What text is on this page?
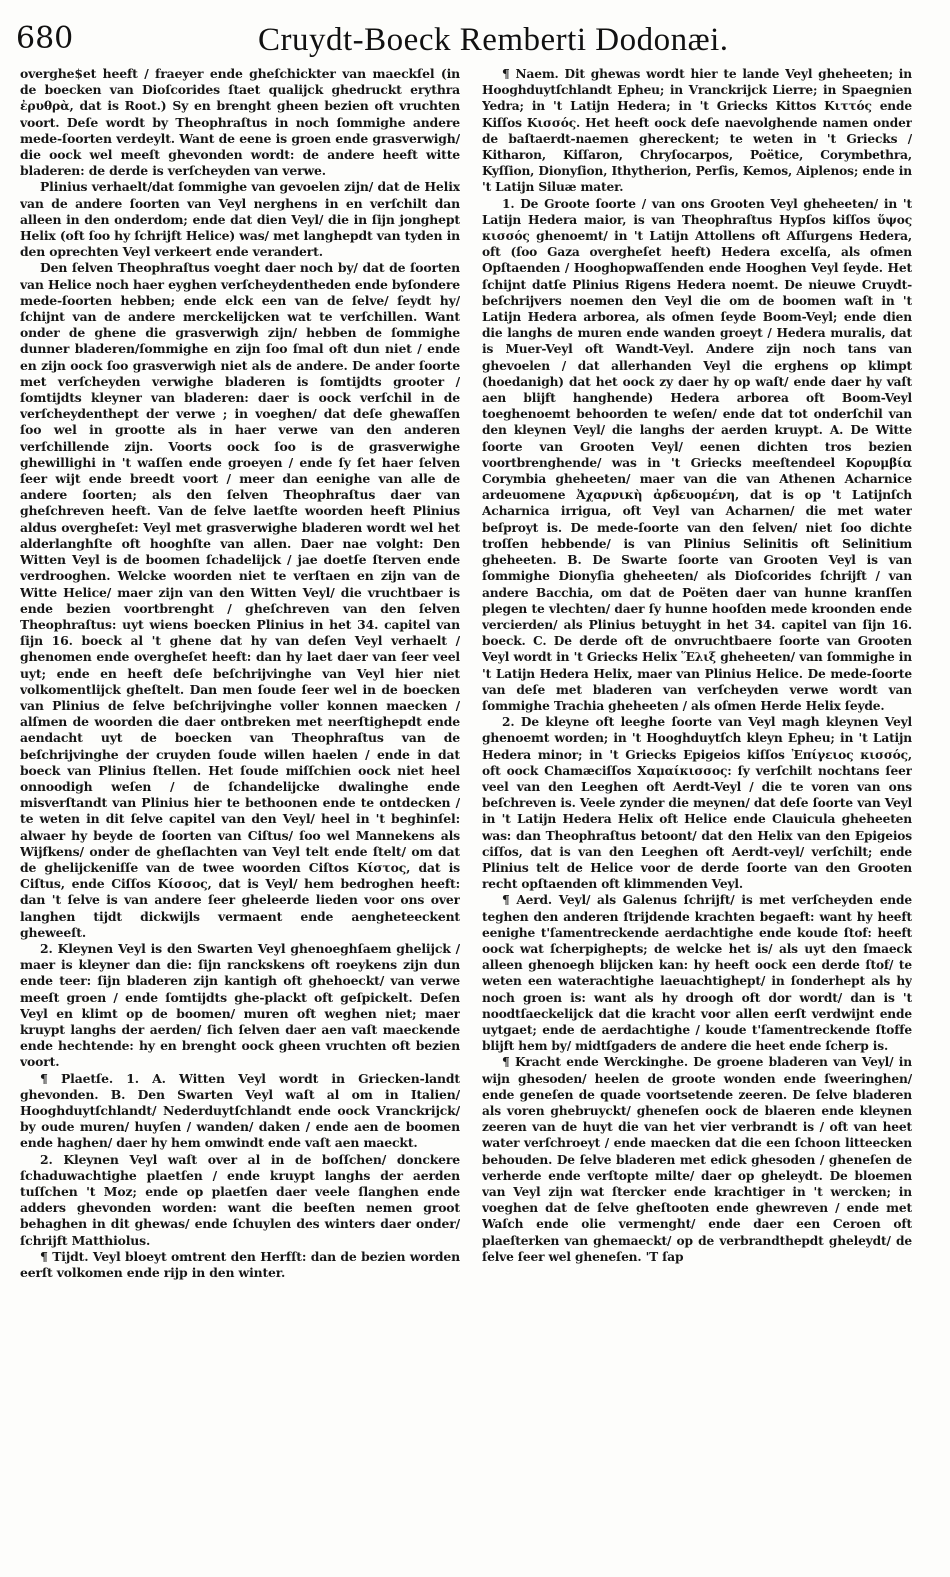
680	Cruydt-Boeck Remberti Dodonæi.

overghe$et heeft / fraeyer ende gheſchickter van maeckſel (in de boecken van Dioſcorides ſtaet qualijck ghedruckt erythra ἐρυθρὰ, dat is Root.) Sy en brenght gheen bezien oft vruchten voort. Deſe wordt by Theophraſtus in noch ſommighe andere mede-ſoorten verdeylt. Want de eene is groen ende grasverwigh/ die oock wel meeſt ghevonden wordt: de andere heeft witte bladeren: de derde is verſcheyden van verwe.

Plinius verhaelt/dat ſommighe van gevoelen zijn/ dat de Helix van de andere ſoorten van Veyl nerghens in en verſchilt dan alleen in den onderdom; ende dat dien Veyl/ die in ſijn jonghept Helix (oft ſoo hy ſchrijft Helice) was/ met langhepdt van tyden in den oprechten Veyl verkeert ende verandert.

Den ſelven Theophraſtus voeght daer noch by/ dat de ſoorten van Helice noch haer eyghen verſcheydentheden ende byſondere mede-ſoorten hebben; ende elck een van de ſelve/ ſeydt hy/ ſchijnt van de andere merckelijcken wat te verſchillen. Want onder de ghene die grasverwigh zijn/ hebben de ſommighe dunner bladeren/ſommighe en zijn ſoo ſmal oft dun niet / ende en zijn oock ſoo grasverwigh niet als de andere. De ander ſoorte met verſcheyden verwighe bladeren is ſomtijdts grooter / ſomtijdts kleyner van bladeren: daer is oock verſchil in de verſcheydenthept der verwe ; in voeghen/ dat deſe ghewaſſen ſoo wel in grootte als in haer verwe van den anderen verſchillende zijn. Voorts oock ſoo is de grasverwighe ghewillighi in 't waſſen ende groeyen / ende ſy ſet haer ſelven ſeer wijt ende breedt voort / meer dan eenighe van alle de andere ſoorten; als den ſelven Theophraſtus daer van gheſchreven heeft. Van de ſelve laetſte woorden heeft Plinius aldus overgheſet: Veyl met grasverwighe bladeren wordt wel het alderlanghſte oft hooghſte van allen. Daer nae volght: Den Witten Veyl is de boomen ſchadelijck / jae doetſe ſterven ende verdrooghen. Welcke woorden niet te verſtaen en zijn van de Witte Helice/ maer zijn van den Witten Veyl/ die vruchtbaer is ende bezien voortbrenght / gheſchreven van den ſelven Theophraſtus: uyt wiens boecken Plinius in het 34. capitel van ſijn 16. boeck al 't ghene dat hy van deſen Veyl verhaelt / ghenomen ende overgheſet heeft: dan hy laet daer van ſeer veel uyt; ende en heeft deſe beſchrijvinghe van Veyl hier niet volkomentlijck gheſtelt. Dan men ſoude ſeer wel in de boecken van Plinius de ſelve beſchrijvinghe voller konnen maecken / alſmen de woorden die daer ontbreken met neerſtighepdt ende aendacht uyt de boecken van Theophraſtus van de beſchrijvinghe der cruyden ſoude willen haelen / ende in dat boeck van Plinius ſtellen. Het ſoude miſſchien oock niet heel onnoodigh weſen / de ſchandelijcke dwalinghe ende misverſtandt van Plinius hier te bethoonen ende te ontdecken / te weten in dit ſelve capitel van den Veyl/ heel in 't beghinſel: alwaer hy beyde de ſoorten van Ciſtus/ ſoo wel Mannekens als Wijfkens/ onder de gheſlachten van Veyl telt ende ſtelt/ om dat de ghelijckeniſſe van de twee woorden Ciſtos Κίστος, dat is Ciſtus, ende Ciſſos Κίσσος, dat is Veyl/ hem bedroghen heeft: dan 't ſelve is van andere ſeer gheleerde lieden voor ons over langhen tijdt dickwijls vermaent ende aengheteeckent gheweeſt.

2. Kleynen Veyl is den Swarten Veyl ghenoeghſaem ghelijck / maer is kleyner dan die: ſijn ranckskens oft roeykens zijn dun ende teer: ſijn bladeren zijn kantigh oft ghehoeckt/ van verwe meeſt groen / ende ſomtijdts ghe-plackt oft geſpickelt. Deſen Veyl en klimt op de boomen/ muren oft weghen niet; maer kruypt langhs der aerden/ ſich ſelven daer aen vaſt maeckende ende hechtende: hy en brenght oock gheen vruchten oft bezien voort.

¶ Plaetſe. 1. A. Witten Veyl wordt in Griecken-landt ghevonden. B. Den Swarten Veyl waſt al om in Italien/ Hooghduytſchlandt/ Nederduytſchlandt ende oock Vranckrijck/ by oude muren/ huyſen / wanden/ daken / ende aen de boomen ende haghen/ daer hy hem omwindt ende vaſt aen maeckt.

2. Kleynen Veyl waſt over al in de boſſchen/ donckere ſchaduwachtighe plaetſen / ende kruypt langhs der aerden tuſſchen 't Moz; ende op plaetſen daer veele ſlanghen ende adders ghevonden worden: want die beeſten nemen groot behaghen in dit ghewas/ ende ſchuylen des winters daer onder/ ſchrijft Matthiolus.

¶ Tijdt. Veyl bloeyt omtrent den Herfſt: dan de bezien worden eerſt volkomen ende rijp in den winter.

¶ Naem. Dit ghewas wordt hier te lande Veyl gheheeten; in Hooghduytſchlandt Epheu; in Vranckrijck Lierre; in Spaegnien Yedra; in 't Latijn Hedera; in 't Griecks Kittos Κιττός ende Kiſſos Κισσός. Het heeft oock deſe naevolghende namen onder de baſtaerdt-naemen ghereckent; te weten in 't Griecks / Kitharon, Kiſſaron, Chryſocarpos, Poëtice, Corymbethra, Kyſſion, Dionyſion, Ithytherion, Perſis, Kemos, Aiplenos; ende in 't Latijn Siluæ mater.

1. De Groote ſoorte / van ons Grooten Veyl gheheeten/ in 't Latijn Hedera maior, is van Theophraſtus Hypſos kiſſos ὕψος κισσός ghenoemt/ in 't Latijn Attollens oft Aſſurgens Hedera, oft (ſoo Gaza overgheſet heeft) Hedera excelſa, als oſmen Opſtaenden / Hooghopwaſſenden ende Hooghen Veyl ſeyde. Het ſchijnt datſe Plinius Rigens Hedera noemt. De nieuwe Cruydt-beſchrijvers noemen den Veyl die om de boomen waſt in 't Latijn Hedera arborea, als oſmen ſeyde Boom-Veyl; ende dien die langhs de muren ende wanden groeyt / Hedera muralis, dat is Muer-Veyl oft Wandt-Veyl. Andere zijn noch tans van ghevoelen / dat allerhanden Veyl die erghens op klimpt (hoedanigh) dat het oock zy daer hy op waſt/ ende daer hy vaſt aen blijft hanghende) Hedera arborea oft Boom-Veyl toeghenoemt behoorden te weſen/ ende dat tot onderſchil van den kleynen Veyl/ die langhs der aerden kruypt. A. De Witte ſoorte van Grooten Veyl/ eenen dichten tros bezien voortbrenghende/ was in 't Griecks meeſtendeel Κορυμβία Corymbia gheheeten/ maer van die van Athenen Acharnice ardeuomene Ἀχαρνικὴ ἀρδευομένη, dat is op 't Latijnſch Acharnica irrigua, oft Veyl van Acharnen/ die met water beſproyt is. De mede-ſoorte van den ſelven/ niet ſoo dichte troſſen hebbende/ is van Plinius Selinitis oft Selinitium gheheeten. B. De Swarte ſoorte van Grooten Veyl is van ſommighe Dionyſia gheheeten/ als Dioſcorides ſchrijft / van andere Bacchia, om dat de Poëten daer van hunne kranſſen plegen te vlechten/ daer ſy hunne hooſden mede kroonden ende vercierden/ als Plinius betuyght in het 34. capitel van ſijn 16. boeck. C. De derde oft de onvruchtbaere ſoorte van Grooten Veyl wordt in 't Griecks Helix Ἕλιξ gheheeten/ van ſommighe in 't Latijn Hedera Helix, maer van Plinius Helice. De mede-ſoorte van deſe met bladeren van verſcheyden verwe wordt van ſommighe Trachia gheheeten / als oſmen Herde Helix ſeyde.

2. De kleyne oft leeghe ſoorte van Veyl magh kleynen Veyl ghenoemt worden; in 't Hooghduytſch kleyn Epheu; in 't Latijn Hedera minor; in 't Griecks Epigeios kiſſos Ἐπίγειος κισσός, oft oock Chamæciſſos Χαμαίκισσος: ſy verſchilt nochtans ſeer veel van den Leeghen oft Aerdt-Veyl / die te voren van ons beſchreven is. Veele zynder die meynen/ dat deſe ſoorte van Veyl in 't Latijn Hedera Helix oft Helice ende Clauicula gheheeten was: dan Theophraſtus betoont/ dat den Helix van den Epigeios ciſſos, dat is van den Leeghen oft Aerdt-veyl/ verſchilt; ende Plinius telt de Helice voor de derde ſoorte van den Grooten recht opſtaenden oft klimmenden Veyl.

¶ Aerd. Veyl/ als Galenus ſchrijft/ is met verſcheyden ende teghen den anderen ſtrijdende krachten begaeft: want hy heeft eenighe t'ſamentreckende aerdachtighe ende koude ſtof: heeft oock wat ſcherpighepts; de welcke het is/ als uyt den ſmaeck alleen ghenoegh blijcken kan: hy heeft oock een derde ſtof/ te weten een waterachtighe laeuachtighept/ in ſonderhept als hy noch groen is: want als hy droogh oft dor wordt/ dan is 't noodtſaeckelijck dat die kracht voor allen eerſt verdwijnt ende uytgaet; ende de aerdachtighe / koude t'ſamentreckende ſtoffe blijft hem by/ midtſgaders de andere die heet ende ſcherp is.

¶ Kracht ende Werckinghe. De groene bladeren van Veyl/ in wijn ghesoden/ heelen de groote wonden ende ſweeringhen/ ende geneſen de quade voortsetende zeeren. De ſelve bladeren als voren ghebruyckt/ gheneſen oock de blaeren ende kleynen zeeren van de huyt die van het vier verbrandt is / oft van heet water verſchroeyt / ende maecken dat die een ſchoon litteecken behouden. De ſelve bladeren met edick ghesoden / gheneſen de verherde ende verſtopte milte/ daer op gheleydt. De bloemen van Veyl zijn wat ſtercker ende krachtiger in 't wercken; in voeghen dat de ſelve gheſtooten ende ghewreven / ende met Waſch ende olie vermenght/ ende daer een Ceroen oft plaeſterken van ghemaeckt/ op de verbrandthepdt gheleydt/ de ſelve ſeer wel gheneſen. 'T ſap
